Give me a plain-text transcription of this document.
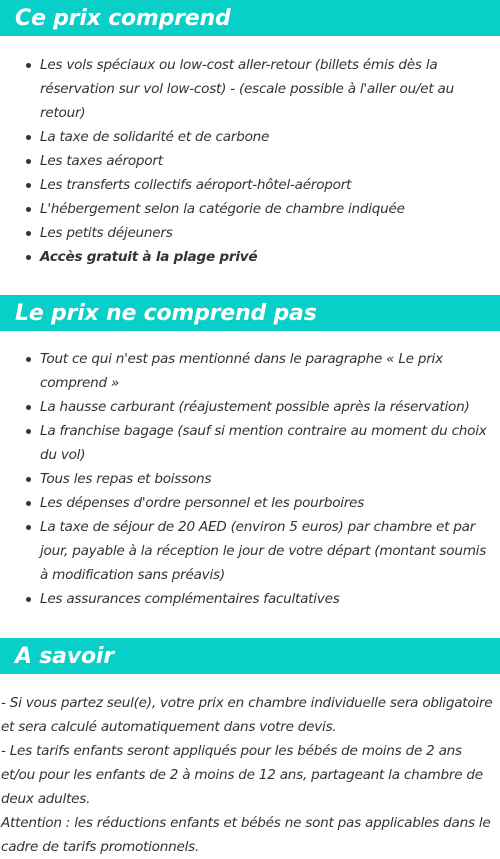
Ce prix comprend
Les vols spéciaux ou low-cost aller-retour (billets émis dès la réservation sur vol low-cost) - (escale possible à l'aller ou/et au retour)
La taxe de solidarité et de carbone
Les taxes aéroport
Les transferts collectifs aéroport-hôtel-aéroport
L'hébergement selon la catégorie de chambre indiquée
Les petits déjeuners
Accès gratuit à la plage privé
Le prix ne comprend pas
Tout ce qui n'est pas mentionné dans le paragraphe « Le prix comprend »
La hausse carburant (réajustement possible après la réservation)
La franchise bagage (sauf si mention contraire au moment du choix du vol)
Tous les repas et boissons
Les dépenses d'ordre personnel et les pourboires
La taxe de séjour de 20 AED (environ 5 euros) par chambre et par jour, payable à la réception le jour de votre départ (montant soumis à modification sans préavis)
Les assurances complémentaires facultatives
A savoir

- Si vous partez seul(e), votre prix en chambre individuelle sera obligatoire et sera calculé automatiquement dans votre devis.

- Les tarifs enfants seront appliqués pour les bébés de moins de 2 ans et/ou pour les enfants de 2 à moins de 12 ans, partageant la chambre de deux adultes.

Attention : les réductions enfants et bébés ne sont pas applicables dans le cadre de tarifs promotionnels.
